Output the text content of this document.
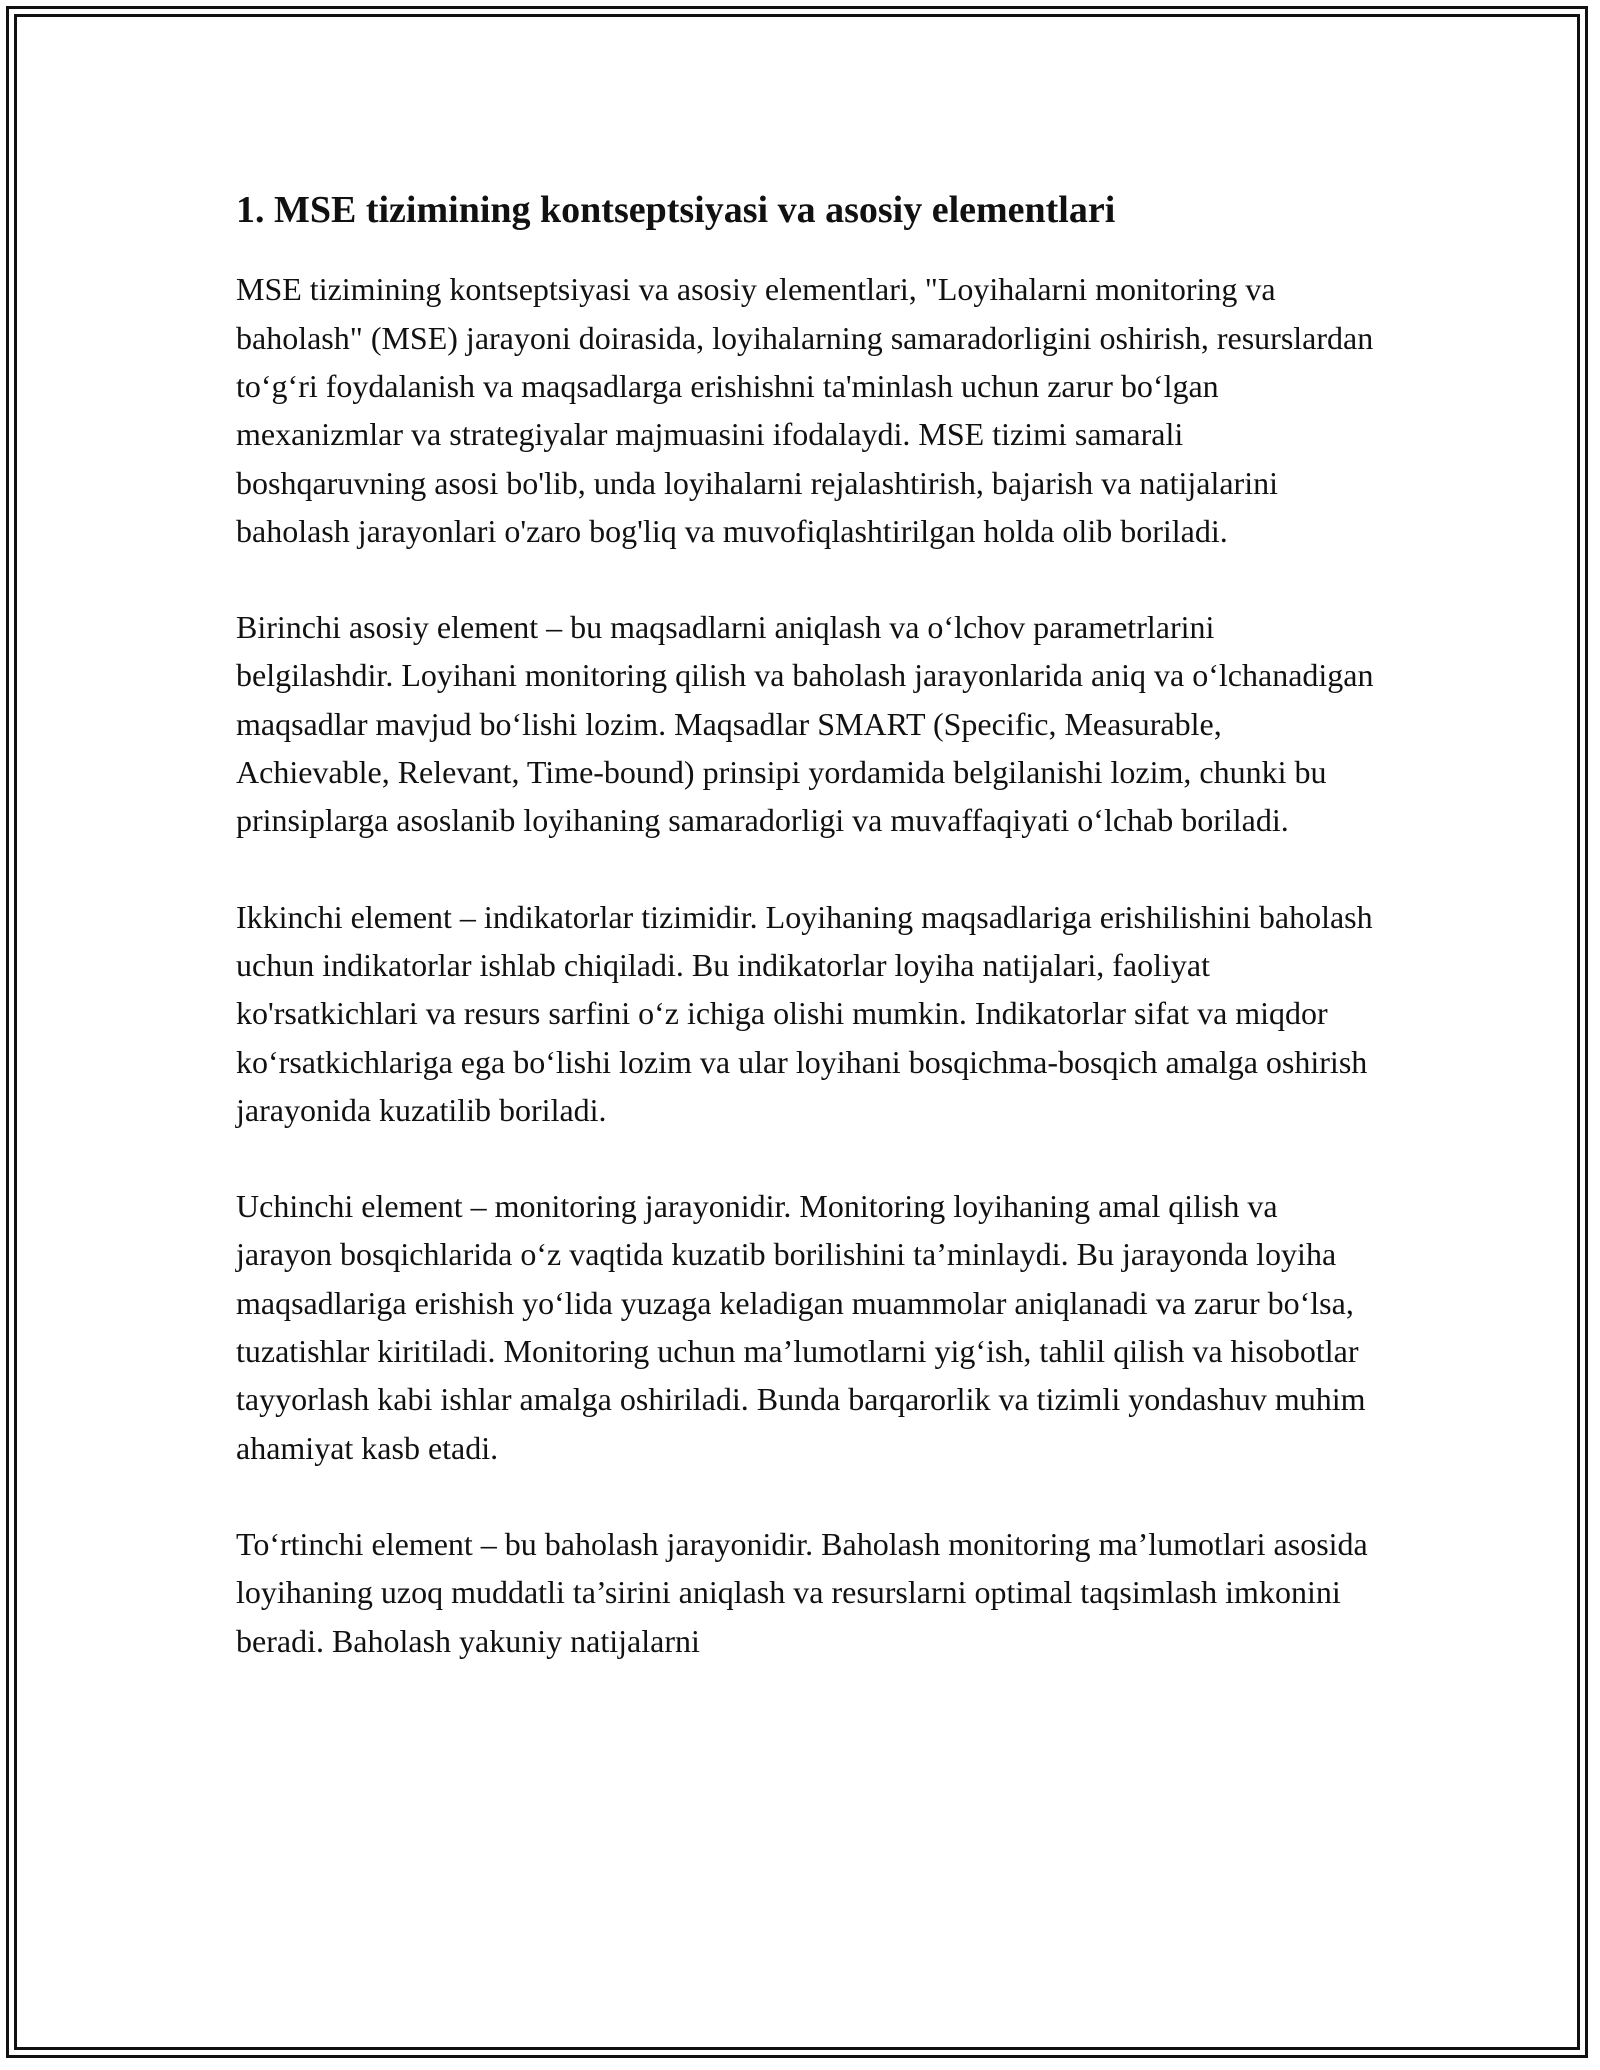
1. MSE tizimining kontseptsiyasi va asosiy elementlari

MSE tizimining kontseptsiyasi va asosiy elementlari, "Loyihalarni monitoring va baholash" (MSE) jarayoni doirasida, loyihalarning samaradorligini oshirish, resurslardan to‘g‘ri foydalanish va maqsadlarga erishishni ta'minlash uchun zarur bo‘lgan mexanizmlar va strategiyalar majmuasini ifodalaydi. MSE tizimi samarali boshqaruvning asosi bo'lib, unda loyihalarni rejalashtirish, bajarish va natijalarini baholash jarayonlari o'zaro bog'liq va muvofiqlashtirilgan holda olib boriladi.

Birinchi asosiy element – bu maqsadlarni aniqlash va o‘lchov parametrlarini belgilashdir. Loyihani monitoring qilish va baholash jarayonlarida aniq va o‘lchanadigan maqsadlar mavjud bo‘lishi lozim. Maqsadlar SMART (Specific, Measurable, Achievable, Relevant, Time-bound) prinsipi yordamida belgilanishi lozim, chunki bu prinsiplarga asoslanib loyihaning samaradorligi va muvaffaqiyati o‘lchab boriladi.

Ikkinchi element – indikatorlar tizimidir. Loyihaning maqsadlariga erishilishini baholash uchun indikatorlar ishlab chiqiladi. Bu indikatorlar loyiha natijalari, faoliyat ko'rsatkichlari va resurs sarfini o‘z ichiga olishi mumkin. Indikatorlar sifat va miqdor ko‘rsatkichlariga ega bo‘lishi lozim va ular loyihani bosqichma-bosqich amalga oshirish jarayonida kuzatilib boriladi.

Uchinchi element – monitoring jarayonidir. Monitoring loyihaning amal qilish va jarayon bosqichlarida o‘z vaqtida kuzatib borilishini ta’minlaydi. Bu jarayonda loyiha maqsadlariga erishish yo‘lida yuzaga keladigan muammolar aniqlanadi va zarur bo‘lsa, tuzatishlar kiritiladi. Monitoring uchun ma’lumotlarni yig‘ish, tahlil qilish va hisobotlar tayyorlash kabi ishlar amalga oshiriladi. Bunda barqarorlik va tizimli yondashuv muhim ahamiyat kasb etadi.

To‘rtinchi element – bu baholash jarayonidir. Baholash monitoring ma’lumotlari asosida loyihaning uzoq muddatli ta’sirini aniqlash va resurslarni optimal taqsimlash imkonini beradi. Baholash yakuniy natijalarni
